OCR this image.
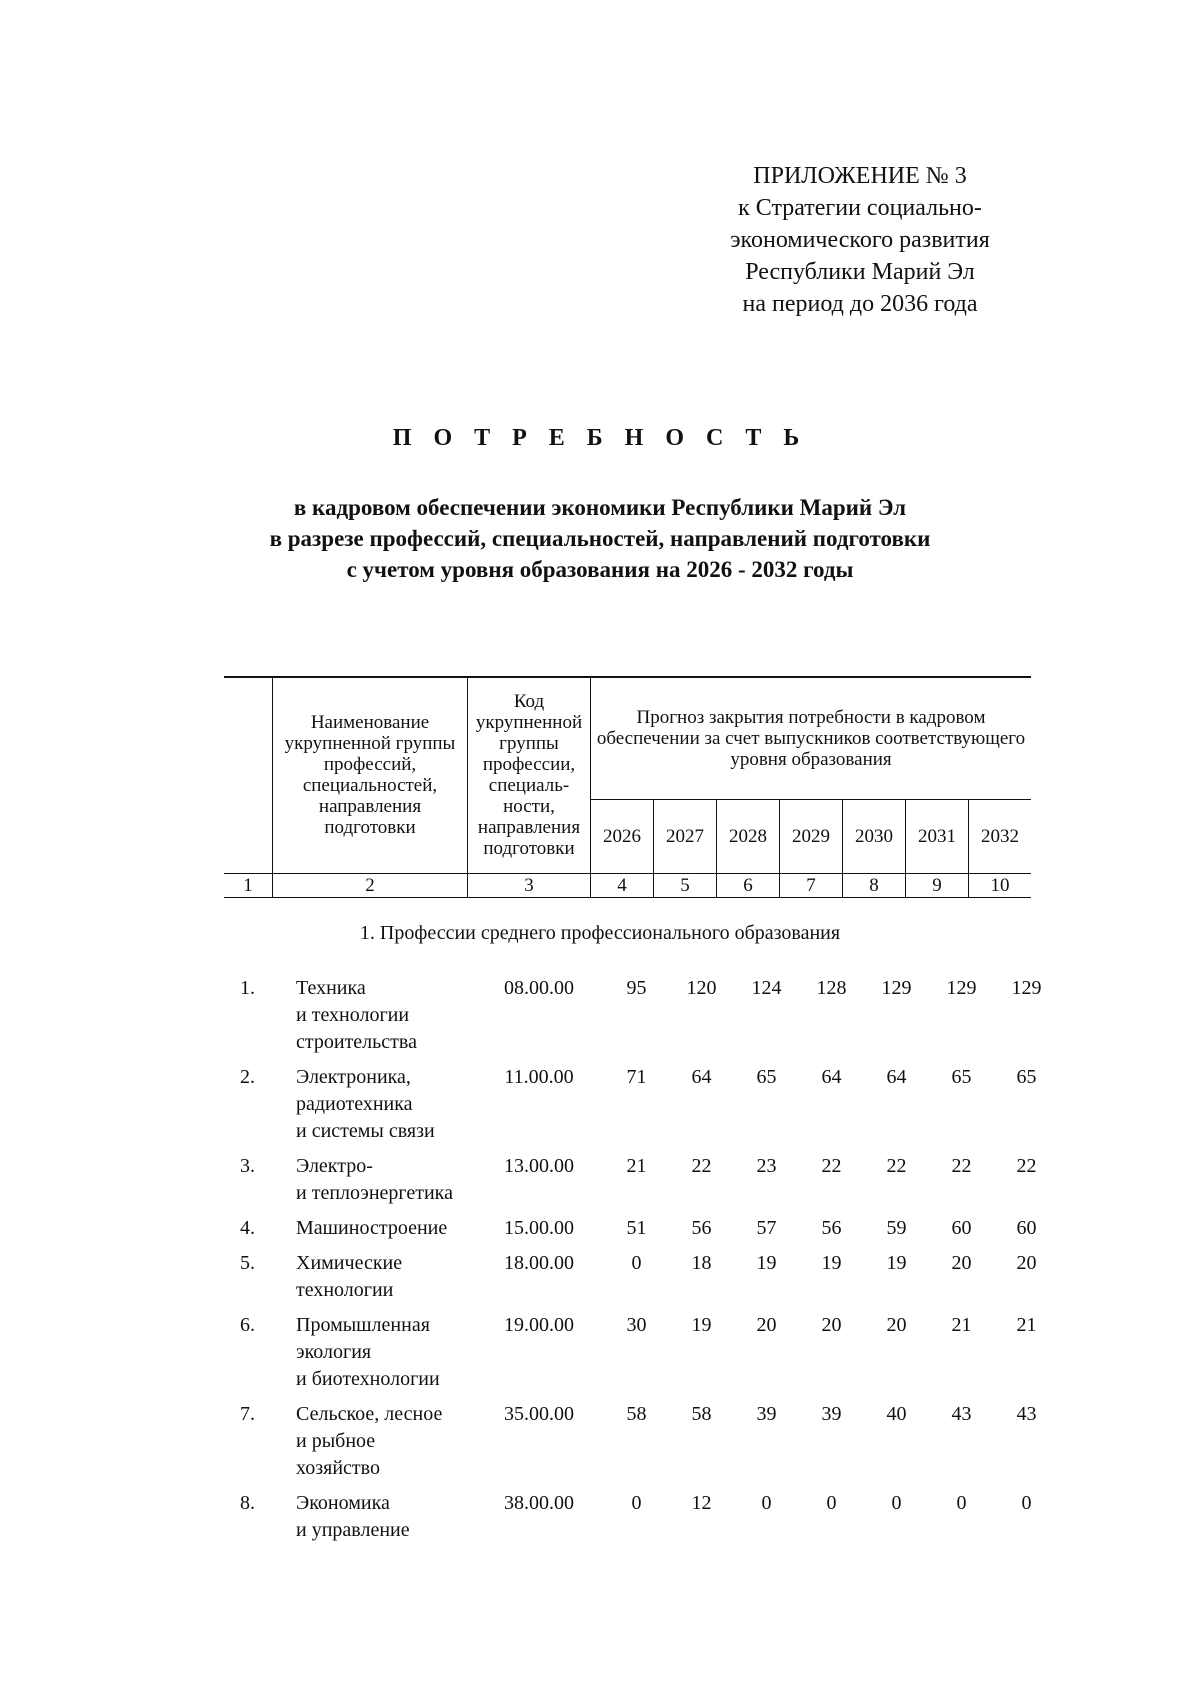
ПРИЛОЖЕНИЕ № 3
к Стратегии социально-
экономического развития
Республики Марий Эл
на период до 2036 года
П О Т Р Е Б Н О С Т Ь
в кадровом обеспечении экономики Республики Марий Эл
в разрезе профессий, специальностей, направлений подготовки
с учетом уровня образования на 2026 - 2032 годы
	Наименование укрупненной группы профессий, специальностей, направления подготовки	Код укрупненной группы профессии, специаль- ности, направления подготовки	Прогноз закрытия потребности в кадровом обеспечении за счет выпускников соответствующего уровня образования						
			2026	2027	2028	2029	2030	2031	2032
1	2	3	4	5	6	7	8	9	10
1. Профессии среднего профессионального образования
1.	Техника
и технологии
строительства
08.00.00	95	120	124	128	129	129	129
2.	Электроника,
радиотехника
и системы связи
11.00.00	71	64	65	64	64	65	65
3.	Электро-
и теплоэнергетика
13.00.00	21	22	23	22	22	22	22
4.	Машиностроение	15.00.00	51	56	57	56	59	60	60
5.	Химические
технологии
18.00.00	0	18	19	19	19	20	20
6.	Промышленная
экология
и биотехнологии
19.00.00	30	19	20	20	20	21	21
7.	Сельское, лесное
и рыбное
хозяйство
35.00.00	58	58	39	39	40	43	43
8.	Экономика
и управление
38.00.00	0	12	0	0	0	0	0
